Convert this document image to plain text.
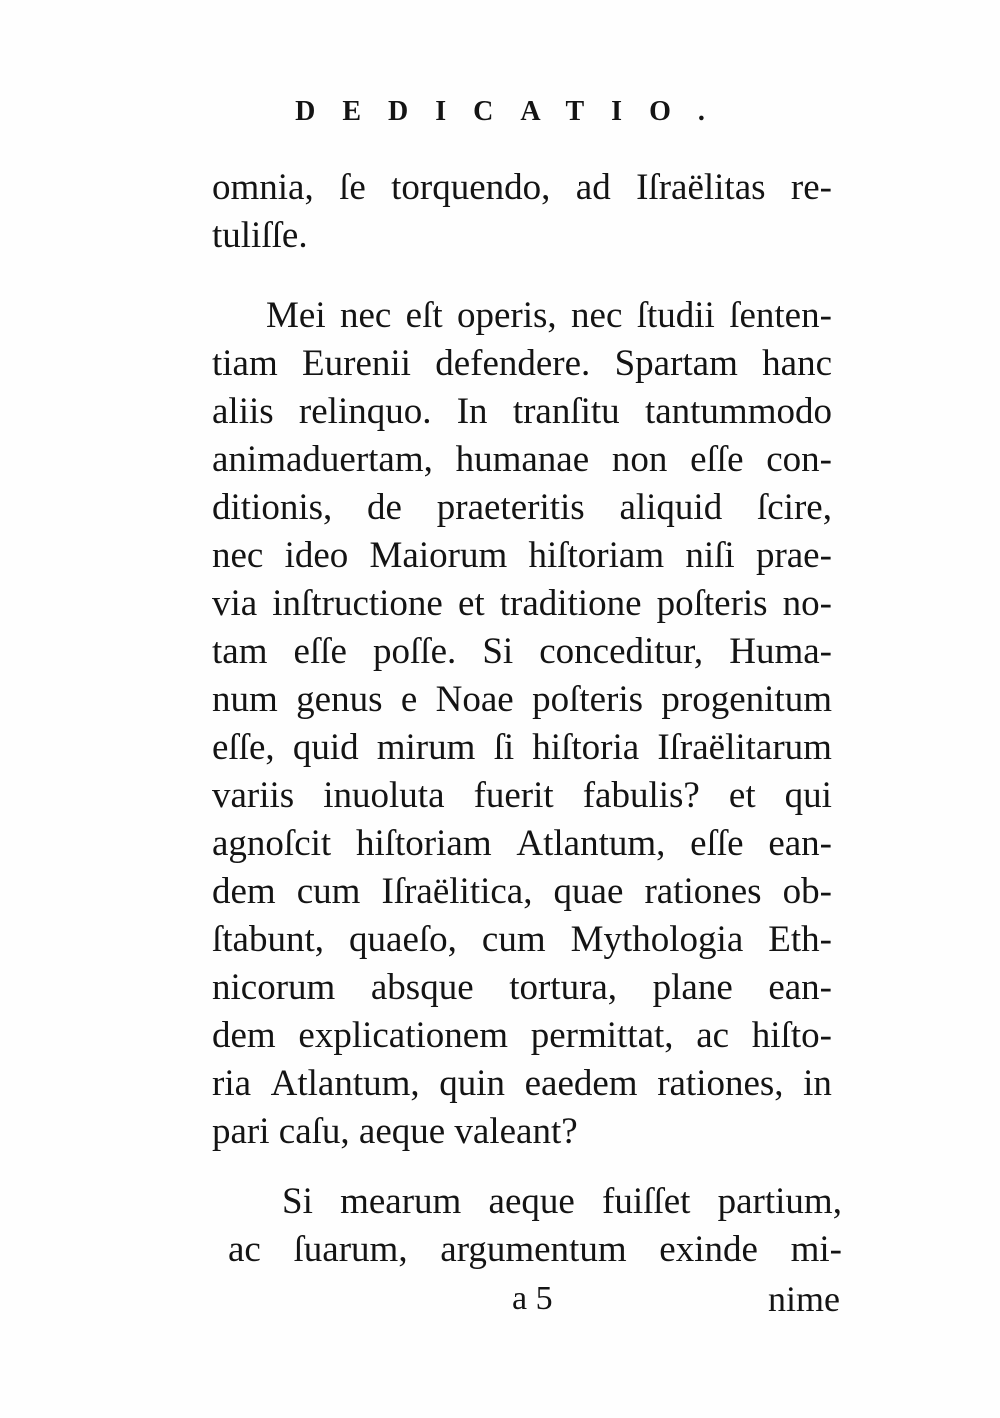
DEDICATIO.
omnia, ſe torquendo, ad Iſraëlitas re-
tuliſſe.
Mei nec eſt operis, nec ſtudii ſenten-
tiam Eurenii defendere. Spartam hanc
aliis relinquo. In tranſitu tantummodo
animaduertam, humanae non eſſe con-
ditionis, de praeteritis aliquid ſcire,
nec ideo Maiorum hiſtoriam niſi prae-
via inſtructione et traditione poſteris no-
tam eſſe poſſe. Si conceditur, Huma-
num genus e Noae poſteris progenitum
eſſe, quid mirum ſi hiſtoria Iſraëlitarum
variis inuoluta fuerit fabulis? et qui
agnoſcit hiſtoriam Atlantum, eſſe ean-
dem cum Iſraëlitica, quae rationes ob-
ſtabunt, quaeſo, cum Mythologia Eth-
nicorum absque tortura, plane ean-
dem explicationem permittat, ac hiſto-
ria Atlantum, quin eaedem rationes, in
pari caſu, aeque valeant?
Si mearum aeque fuiſſet partium,
ac ſuarum, argumentum exinde mi-
a 5	nime
